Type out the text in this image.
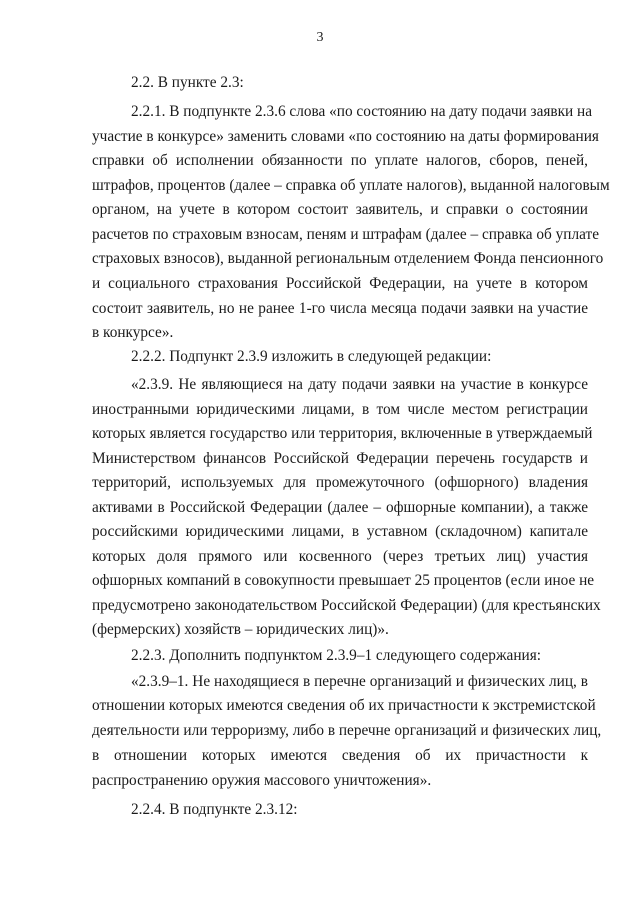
3
2.2. В пункте 2.3:
2.2.1. В подпункте 2.3.6 слова «по состоянию на дату подачи заявки на
участие в конкурсе» заменить словами «по состоянию на даты формирования
справки об исполнении обязанности по уплате налогов, сборов, пеней,
штрафов, процентов (далее – справка об уплате налогов), выданной налоговым
органом, на учете в котором состоит заявитель, и справки о состоянии
расчетов по страховым взносам, пеням и штрафам (далее – справка об уплате
страховых взносов), выданной региональным отделением Фонда пенсионного
и социального страхования Российской Федерации, на учете в котором
состоит заявитель, но не ранее 1-го числа месяца подачи заявки на участие
в конкурсе».
2.2.2. Подпункт 2.3.9 изложить в следующей редакции:
«2.3.9. Не являющиеся на дату подачи заявки на участие в конкурсе
иностранными юридическими лицами, в том числе местом регистрации
которых является государство или территория, включенные в утверждаемый
Министерством финансов Российской Федерации перечень государств и
территорий, используемых для промежуточного (офшорного) владения
активами в Российской Федерации (далее – офшорные компании), а также
российскими юридическими лицами, в уставном (складочном) капитале
которых доля прямого или косвенного (через третьих лиц) участия
офшорных компаний в совокупности превышает 25 процентов (если иное не
предусмотрено законодательством Российской Федерации) (для крестьянских
(фермерских) хозяйств – юридических лиц)».
2.2.3. Дополнить подпунктом 2.3.9–1 следующего содержания:
«2.3.9–1. Не находящиеся в перечне организаций и физических лиц, в
отношении которых имеются сведения об их причастности к экстремистской
деятельности или терроризму, либо в перечне организаций и физических лиц,
в отношении которых имеются сведения об их причастности к
распространению оружия массового уничтожения».
2.2.4. В подпункте 2.3.12:
